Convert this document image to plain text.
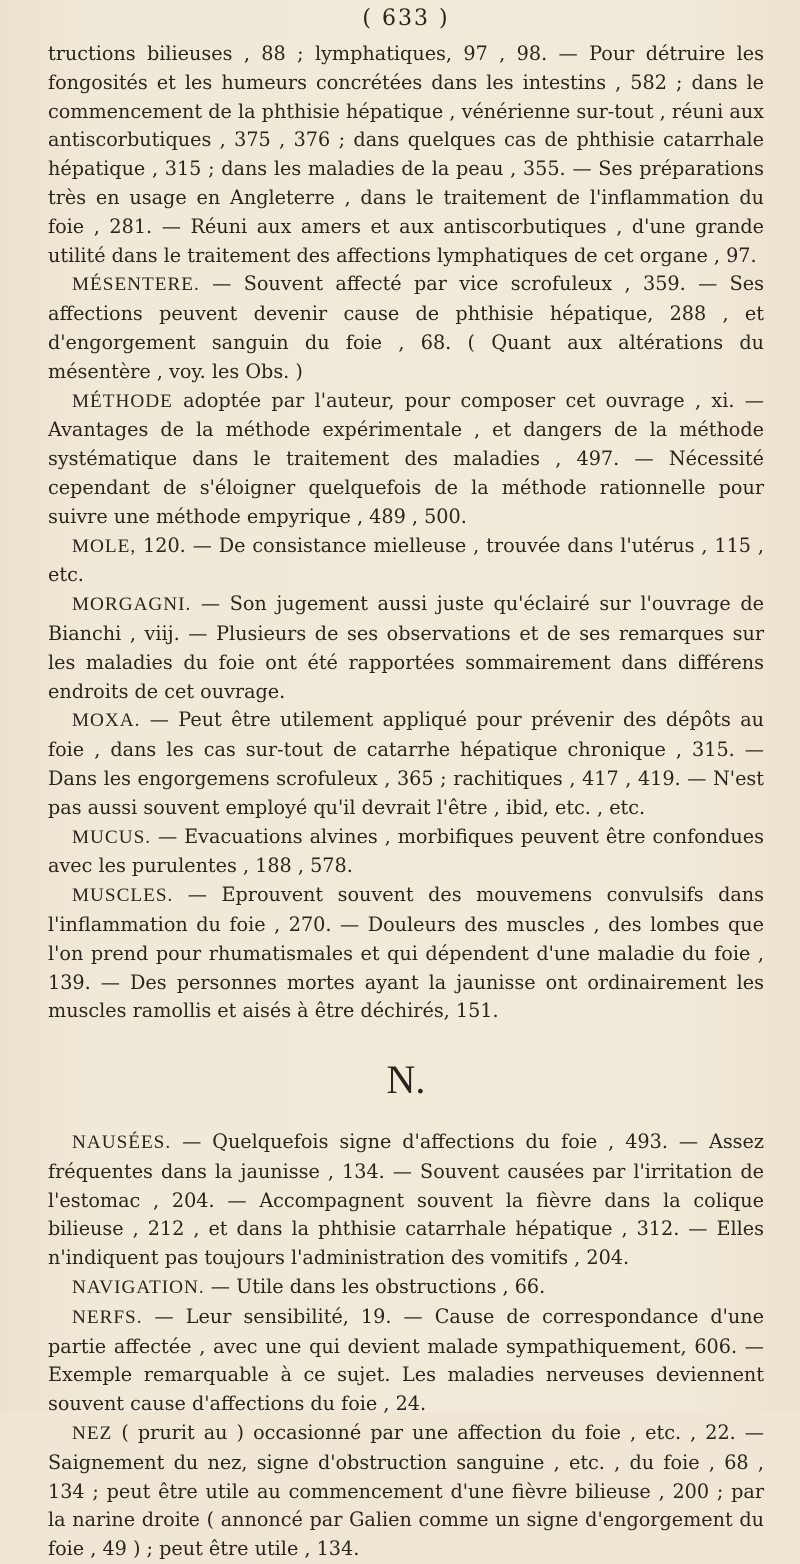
( 633 )

tructions bilieuses , 88 ; lymphatiques, 97 , 98. — Pour détruire les fongosités et les humeurs concrétées dans les intestins , 582 ; dans le commencement de la phthisie hépatique , vénérienne sur-tout , réuni aux antiscorbutiques , 375 , 376 ; dans quelques cas de phthisie catarrhale hépatique , 315 ; dans les maladies de la peau , 355. — Ses préparations très en usage en Angleterre , dans le traitement de l'inflammation du foie , 281. — Réuni aux amers et aux antiscorbutiques , d'une grande utilité dans le traitement des affections lymphatiques de cet organe , 97.

MÉSENTERE. — Souvent affecté par vice scrofuleux , 359. — Ses affections peuvent devenir cause de phthisie hépatique, 288 , et d'engorgement sanguin du foie , 68. ( Quant aux altérations du mésentère , voy. les Obs. )

MÉTHODE adoptée par l'auteur, pour composer cet ouvrage , xi. — Avantages de la méthode expérimentale , et dangers de la méthode systématique dans le traitement des maladies , 497. — Nécessité cependant de s'éloigner quelquefois de la méthode rationnelle pour suivre une méthode empyrique , 489 , 500.

MOLE, 120. — De consistance mielleuse , trouvée dans l'utérus , 115 , etc.

MORGAGNI. — Son jugement aussi juste qu'éclairé sur l'ouvrage de Bianchi , viij. — Plusieurs de ses observations et de ses remarques sur les maladies du foie ont été rapportées sommairement dans différens endroits de cet ouvrage.

MOXA. — Peut être utilement appliqué pour prévenir des dépôts au foie , dans les cas sur-tout de catarrhe hépatique chronique , 315. — Dans les engorgemens scrofuleux , 365 ; rachitiques , 417 , 419. — N'est pas aussi souvent employé qu'il devrait l'être , ibid, etc. , etc.

MUCUS. — Evacuations alvines , morbifiques peuvent être confondues avec les purulentes , 188 , 578.

MUSCLES. — Eprouvent souvent des mouvemens convulsifs dans l'inflammation du foie , 270. — Douleurs des muscles , des lombes que l'on prend pour rhumatismales et qui dépendent d'une maladie du foie , 139. — Des personnes mortes ayant la jaunisse ont ordinairement les muscles ramollis et aisés à être déchirés, 151.

N.

NAUSÉES. — Quelquefois signe d'affections du foie , 493. — Assez fréquentes dans la jaunisse , 134. — Souvent causées par l'irritation de l'estomac , 204. — Accompagnent souvent la fièvre dans la colique bilieuse , 212 , et dans la phthisie catarrhale hépatique , 312. — Elles n'indiquent pas toujours l'administration des vomitifs , 204.

NAVIGATION. — Utile dans les obstructions , 66.

NERFS. — Leur sensibilité, 19. — Cause de correspondance d'une partie affectée , avec une qui devient malade sympathiquement, 606. — Exemple remarquable à ce sujet. Les maladies nerveuses deviennent souvent cause d'affections du foie , 24.

NEZ ( prurit au ) occasionné par une affection du foie , etc. , 22. — Saignement du nez, signe d'obstruction sanguine , etc. , du foie , 68 , 134 ; peut être utile au commencement d'une fièvre bilieuse , 200 ; par la narine droite ( annoncé par Galien comme un signe d'engorgement du foie , 49 ) ; peut être utile , 134.
